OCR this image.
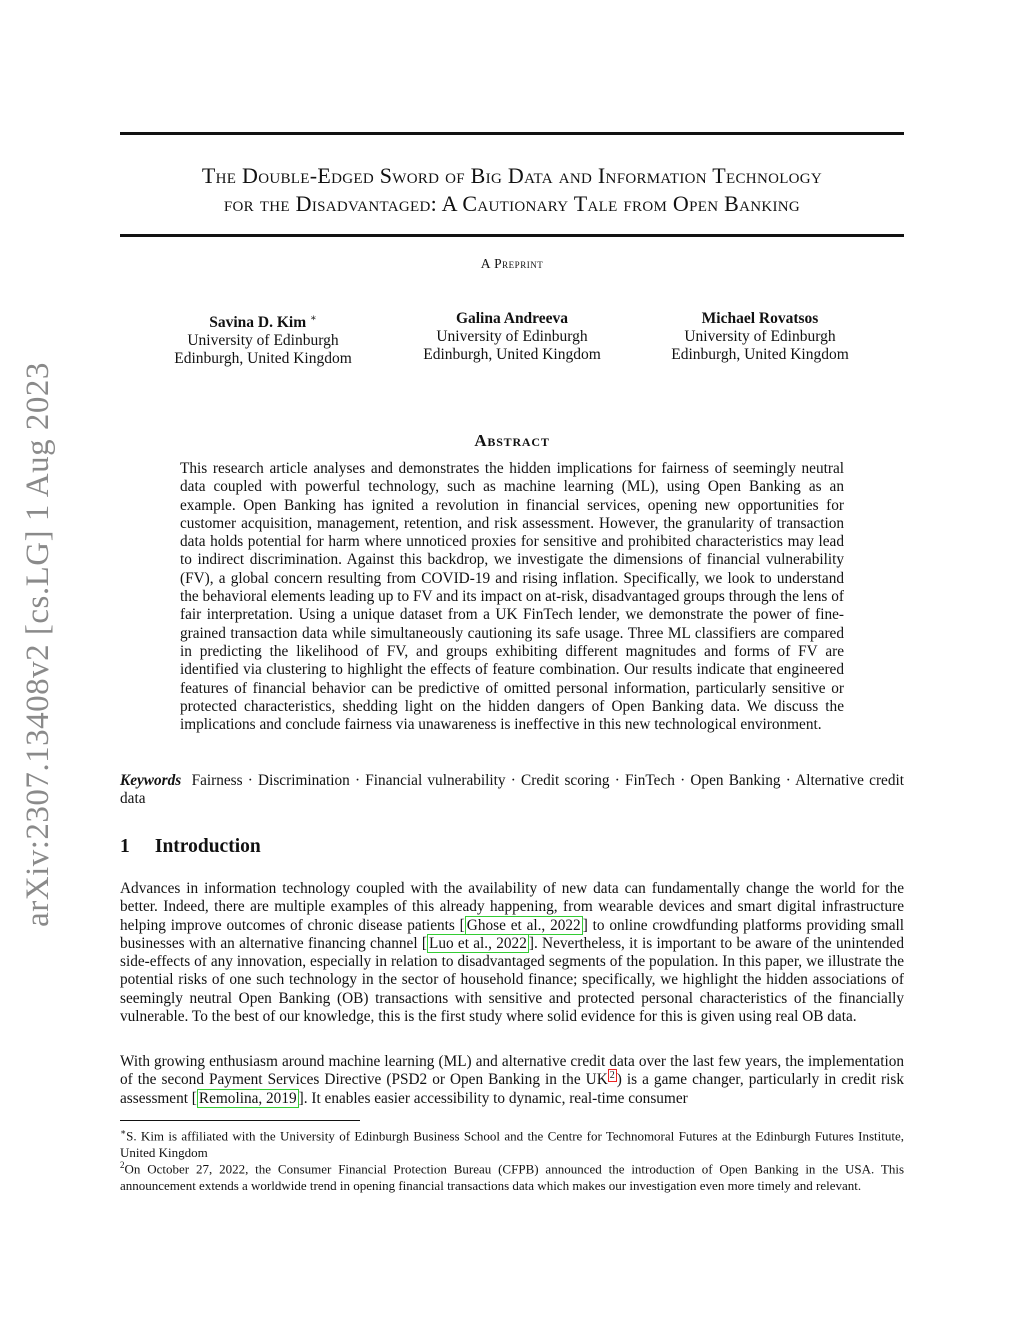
arXiv:2307.13408v2 [cs.LG] 1 Aug 2023
The Double-Edged Sword of Big Data and Information Technology
for the Disadvantaged: A Cautionary Tale from Open Banking
A Preprint
Savina D. Kim ∗
University of Edinburgh
Edinburgh, United Kingdom
Galina Andreeva
University of Edinburgh
Edinburgh, United Kingdom
Michael Rovatsos
University of Edinburgh
Edinburgh, United Kingdom
Abstract
This research article analyses and demonstrates the hidden implications for fairness of seemingly neutral data coupled with powerful technology, such as machine learning (ML), using Open Banking as an example. Open Banking has ignited a revolution in financial services, opening new opportunities for customer acquisition, management, retention, and risk assessment. However, the granularity of transaction data holds potential for harm where unnoticed proxies for sensitive and prohibited characteristics may lead to indirect discrimination. Against this backdrop, we investigate the dimensions of financial vulnerability (FV), a global concern resulting from COVID-19 and rising inflation. Specifically, we look to understand the behavioral elements leading up to FV and its impact on at-risk, disadvantaged groups through the lens of fair interpretation. Using a unique dataset from a UK FinTech lender, we demonstrate the power of fine-grained transaction data while simultaneously cautioning its safe usage. Three ML classifiers are compared in predicting the likelihood of FV, and groups exhibiting different magnitudes and forms of FV are identified via clustering to highlight the effects of feature combination. Our results indicate that engineered features of financial behavior can be predictive of omitted personal information, particularly sensitive or protected characteristics, shedding light on the hidden dangers of Open Banking data. We discuss the implications and conclude fairness via unawareness is ineffective in this new technological environment.
Keywords Fairness · Discrimination · Financial vulnerability · Credit scoring · FinTech · Open Banking · Alternative credit data
1 Introduction
Advances in information technology coupled with the availability of new data can fundamentally change the world for the better. Indeed, there are multiple examples of this already happening, from wearable devices and smart digital infrastructure helping improve outcomes of chronic disease patients [ Ghose et al., 2022 ] to online crowdfunding platforms providing small businesses with an alternative financing channel [ Luo et al., 2022 ]. Nevertheless, it is important to be aware of the unintended side-effects of any innovation, especially in relation to disadvantaged segments of the population. In this paper, we illustrate the potential risks of one such technology in the sector of household finance; specifically, we highlight the hidden associations of seemingly neutral Open Banking (OB) transactions with sensitive and protected personal characteristics of the financially vulnerable. To the best of our knowledge, this is the first study where solid evidence for this is given using real OB data.
With growing enthusiasm around machine learning (ML) and alternative credit data over the last few years, the implementation of the second Payment Services Directive (PSD2 or Open Banking in the UK $^2$ ) is a game changer, particularly in credit risk assessment [ Remolina, 2019 ]. It enables easier accessibility to dynamic, real-time consumer
∗S. Kim is affiliated with the University of Edinburgh Business School and the Centre for Technomoral Futures at the Edinburgh Futures Institute, United Kingdom
$^2$On October 27, 2022, the Consumer Financial Protection Bureau (CFPB) announced the introduction of Open Banking in the USA. This announcement extends a worldwide trend in opening financial transactions data which makes our investigation even more timely and relevant.
